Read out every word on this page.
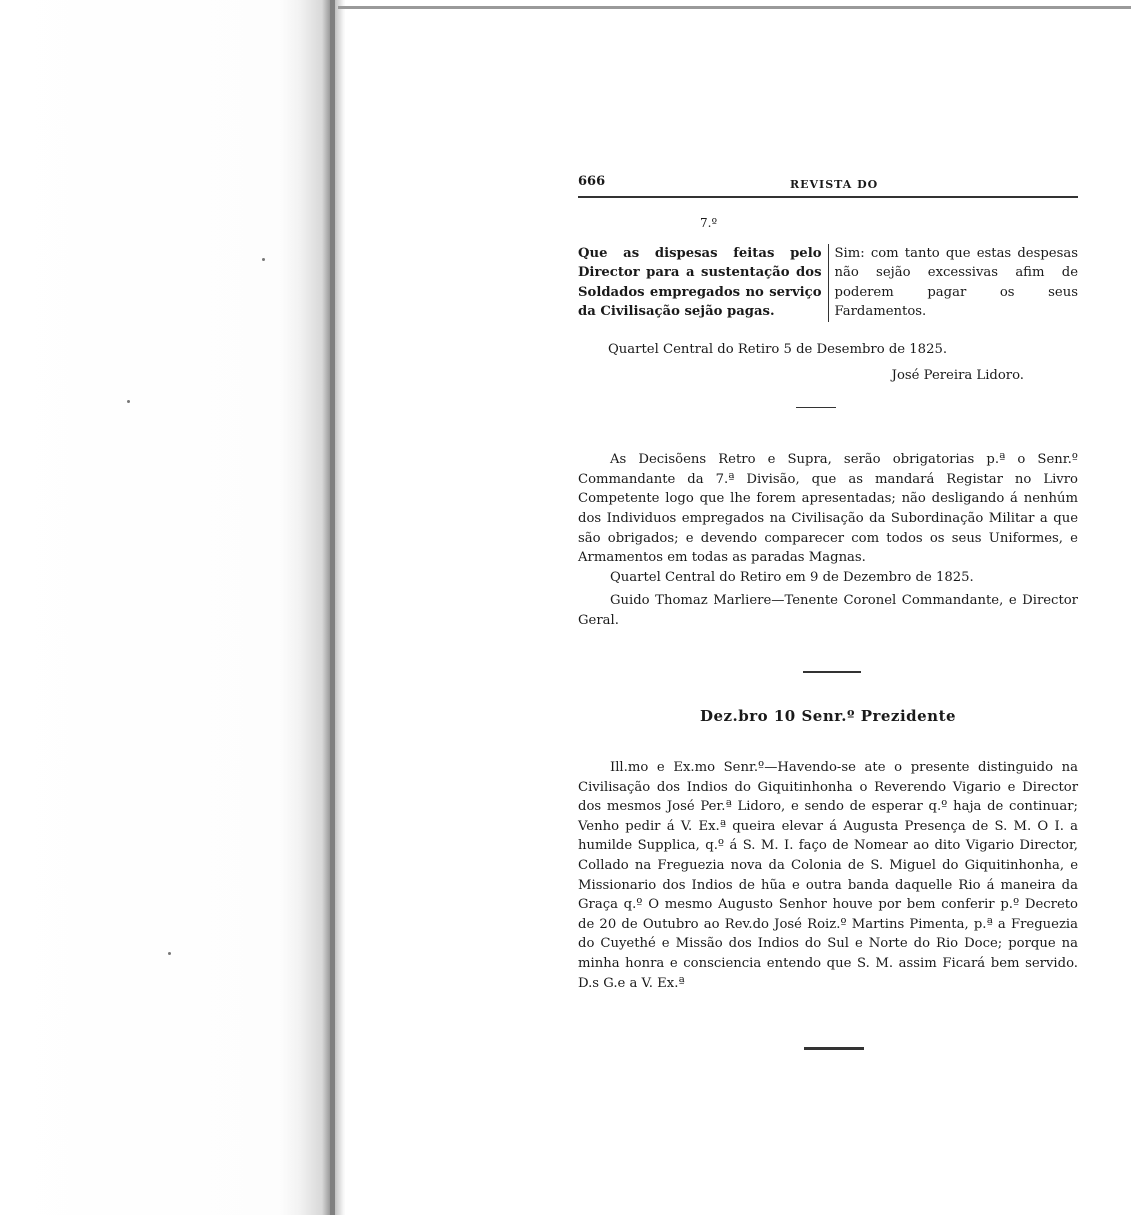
666	REVISTA DO
7.º

Que as dispesas feitas pelo Director para a sustentação dos Soldados empregados no serviço da Civilisação sejão pagas.

Sim: com tanto que estas despesas não sejão excessivas afim de poderem pagar os seus Fardamentos.

Quartel Central do Retiro 5 de Desembro de 1825.

José Pereira Lidoro.

As Decisõens Retro e Supra, serão obrigatorias p.ª o Senr.º Commandante da 7.ª Divisão, que as mandará Registar no Livro Competente logo que lhe forem apresentadas; não desligando á nenhúm dos Individuos empregados na Civilisação da Subordinação Militar a que são obrigados; e devendo comparecer com todos os seus Uniformes, e Armamentos em todas as paradas Magnas.

Quartel Central do Retiro em 9 de Dezembro de 1825.

Guido Thomaz Marliere—Tenente Coronel Commandante, e Director Geral.

Dez.bro 10 Senr.º Prezidente

Ill.mo e Ex.mo Senr.º—Havendo-se ate o presente distinguido na Civilisação dos Indios do Giquitinhonha o Reverendo Vigario e Director dos mesmos José Per.ª Lidoro, e sendo de esperar q.º haja de continuar; Venho pedir á V. Ex.ª queira elevar á Augusta Presença de S. M. O I. a humilde Supplica, q.º á S. M. I. faço de Nomear ao dito Vigario Director, Collado na Freguezia nova da Colonia de S. Miguel do Giquitinhonha, e Missionario dos Indios de hũa e outra banda daquelle Rio á maneira da Graça q.º O mesmo Augusto Senhor houve por bem conferir p.º Decreto de 20 de Outubro ao Rev.do José Roiz.º Martins Pimenta, p.ª a Freguezia do Cuyethé e Missão dos Indios do Sul e Norte do Rio Doce; porque na minha honra e consciencia entendo que S. M. assim Ficará bem servido. D.s G.e a V. Ex.ª
